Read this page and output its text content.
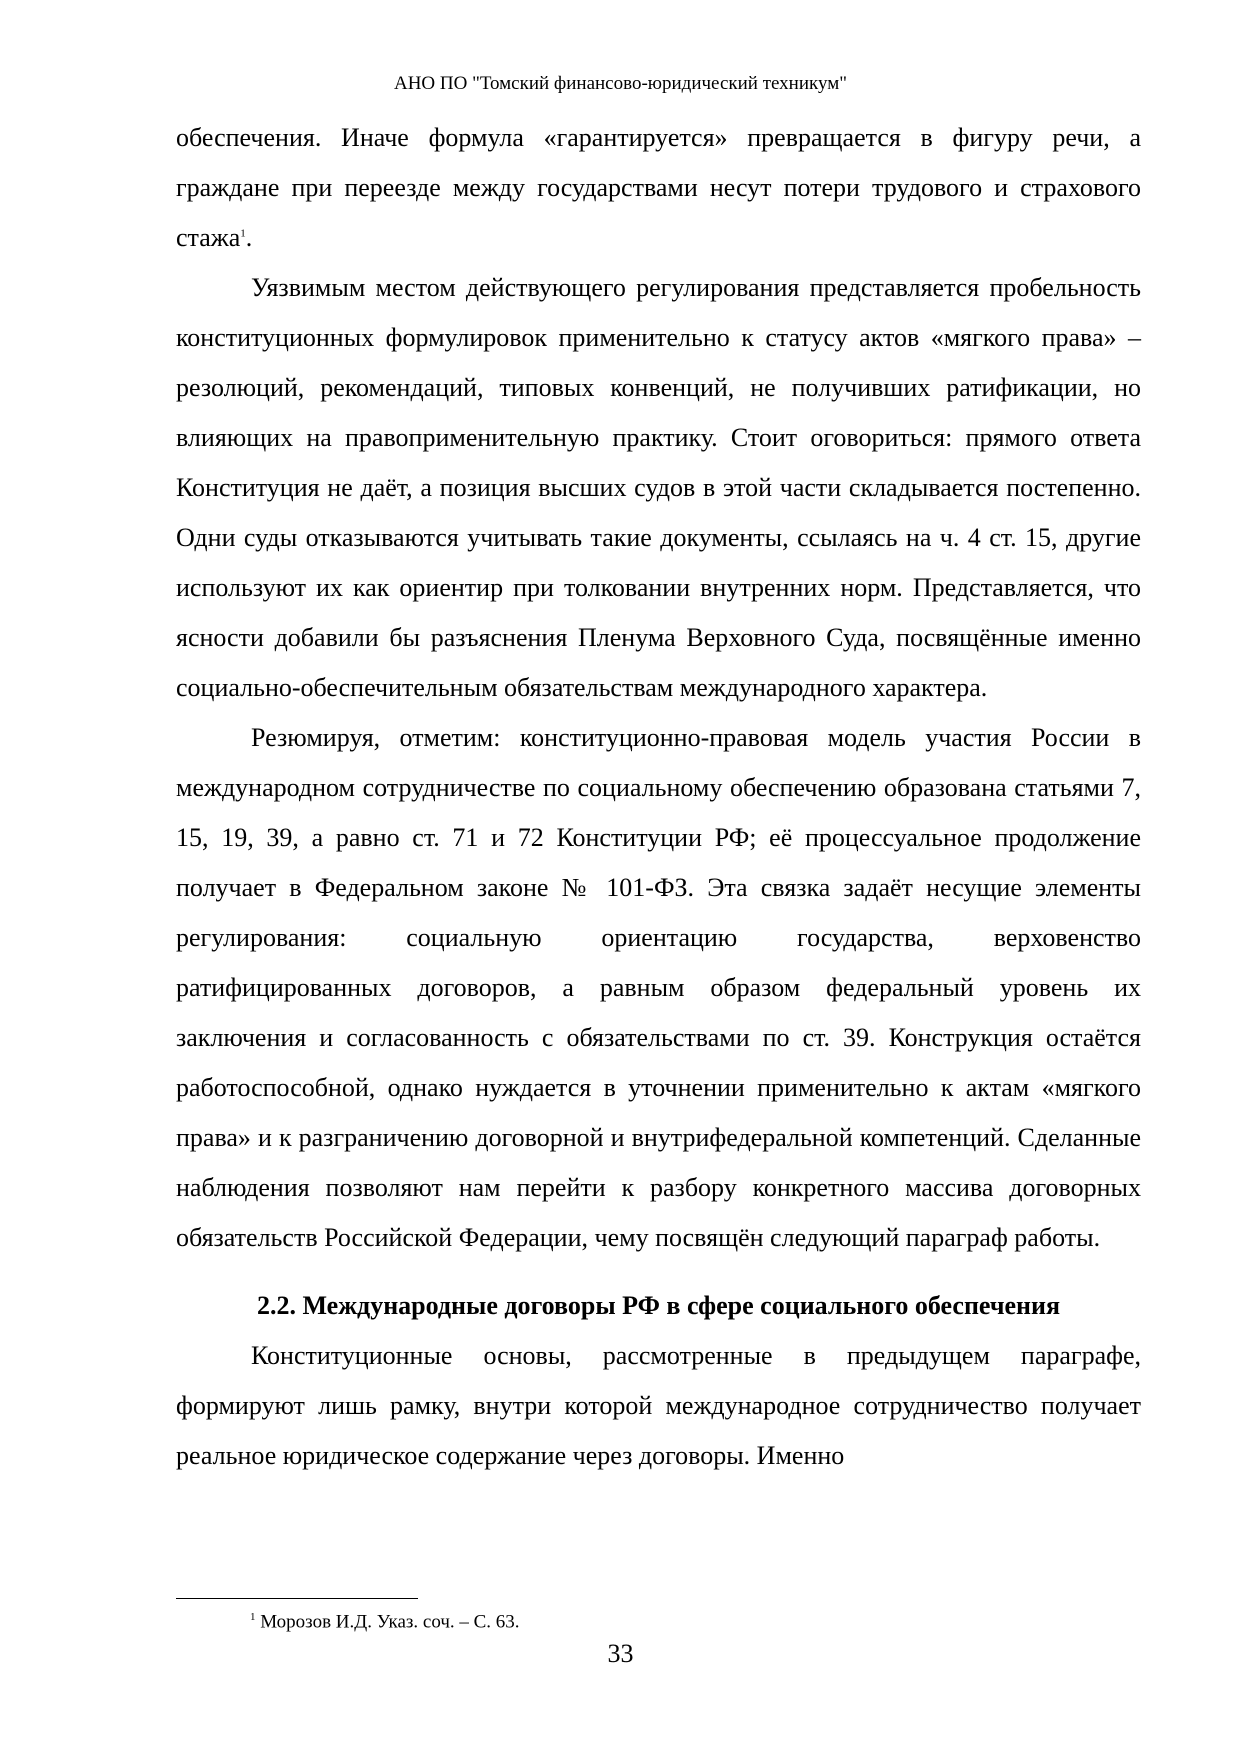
АНО ПО "Томский финансово-юридический техникум"

обеспечения. Иначе формула «гарантируется» превращается в фигуру речи, а граждане при переезде между государствами несут потери трудового и страхового стажа$^1$.

Уязвимым местом действующего регулирования представляется пробельность конституционных формулировок применительно к статусу актов «мягкого права» – резолюций, рекомендаций, типовых конвенций, не получивших ратификации, но влияющих на правоприменительную практику. Стоит оговориться: прямого ответа Конституция не даёт, а позиция высших судов в этой части складывается постепенно. Одни суды отказываются учитывать такие документы, ссылаясь на ч. 4 ст. 15, другие используют их как ориентир при толковании внутренних норм. Представляется, что ясности добавили бы разъяснения Пленума Верховного Суда, посвящённые именно социально-обеспечительным обязательствам международного характера.

Резюмируя, отметим: конституционно-правовая модель участия России в международном сотрудничестве по социальному обеспечению образована статьями 7, 15, 19, 39, а равно ст. 71 и 72 Конституции РФ; её процессуальное продолжение получает в Федеральном законе № 101-ФЗ. Эта связка задаёт несущие элементы регулирования: социальную ориентацию государства, верховенство ратифицированных договоров, а равным образом федеральный уровень их заключения и согласованность с обязательствами по ст. 39. Конструкция остаётся работоспособной, однако нуждается в уточнении применительно к актам «мягкого права» и к разграничению договорной и внутрифедеральной компетенций. Сделанные наблюдения позволяют нам перейти к разбору конкретного массива договорных обязательств Российской Федерации, чему посвящён следующий параграф работы.

2.2. Международные договоры РФ в сфере социального обеспечения

Конституционные основы, рассмотренные в предыдущем параграфе, формируют лишь рамку, внутри которой международное сотрудничество получает реальное юридическое содержание через договоры. Именно

$^1$ Морозов И.Д. Указ. соч. – С. 63.
33
